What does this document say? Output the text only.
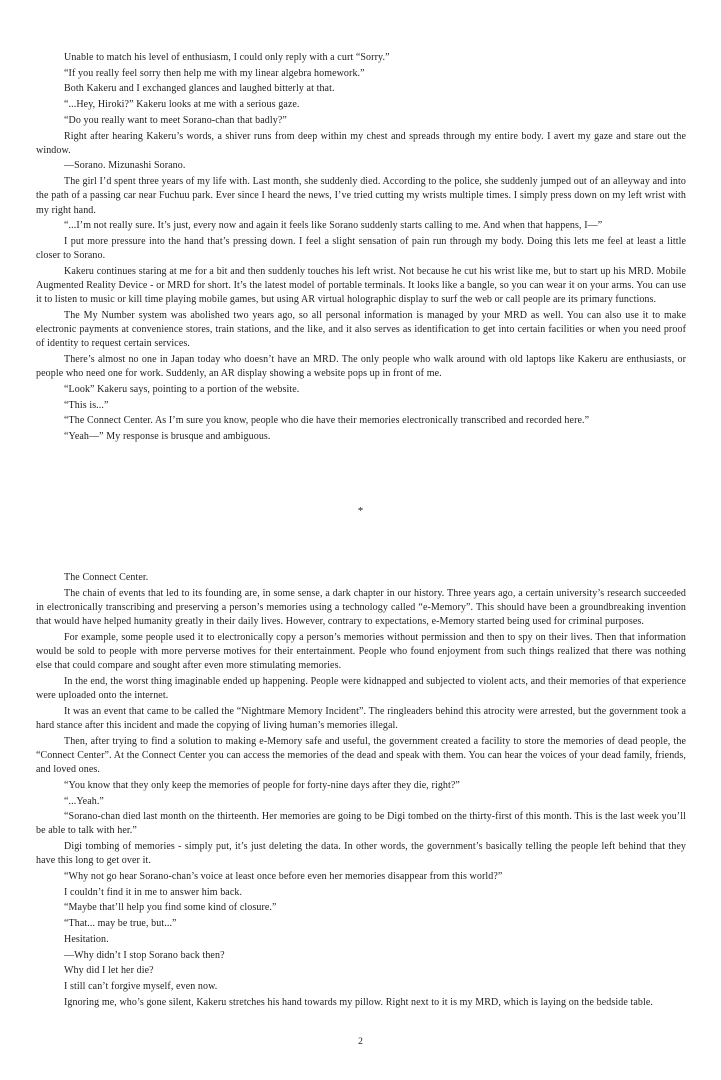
Unable to match his level of enthusiasm, I could only reply with a curt “Sorry.”

“If you really feel sorry then help me with my linear algebra homework.”

Both Kakeru and I exchanged glances and laughed bitterly at that.

“...Hey, Hiroki?” Kakeru looks at me with a serious gaze.

“Do you really want to meet Sorano-chan that badly?”

Right after hearing Kakeru’s words, a shiver runs from deep within my chest and spreads through my entire body. I avert my gaze and stare out the window.

—Sorano. Mizunashi Sorano.

The girl I’d spent three years of my life with. Last month, she suddenly died. According to the police, she suddenly jumped out of an alleyway and into the path of a passing car near Fuchuu park. Ever since I heard the news, I’ve tried cutting my wrists multiple times. I simply press down on my left wrist with my right hand.

“...I’m not really sure. It’s just, every now and again it feels like Sorano suddenly starts calling to me. And when that happens, I—”

I put more pressure into the hand that’s pressing down. I feel a slight sensation of pain run through my body. Doing this lets me feel at least a little closer to Sorano.

Kakeru continues staring at me for a bit and then suddenly touches his left wrist. Not because he cut his wrist like me, but to start up his MRD. Mobile Augmented Reality Device - or MRD for short. It’s the latest model of portable terminals. It looks like a bangle, so you can wear it on your arms. You can use it to listen to music or kill time playing mobile games, but using AR virtual holographic display to surf the web or call people are its primary functions.

The My Number system was abolished two years ago, so all personal information is managed by your MRD as well. You can also use it to make electronic payments at convenience stores, train stations, and the like, and it also serves as identification to get into certain facilities or when you need proof of identity to request certain services.

There’s almost no one in Japan today who doesn’t have an MRD. The only people who walk around with old laptops like Kakeru are enthusiasts, or people who need one for work. Suddenly, an AR display showing a website pops up in front of me.

“Look” Kakeru says, pointing to a portion of the website.

“This is...”

“The Connect Center. As I’m sure you know, people who die have their memories electronically transcribed and recorded here.”

“Yeah—” My response is brusque and ambiguous.

*

The Connect Center.

The chain of events that led to its founding are, in some sense, a dark chapter in our history. Three years ago, a certain university’s research succeeded in electronically transcribing and preserving a person’s memories using a technology called “e-Memory”. This should have been a groundbreaking invention that would have helped humanity greatly in their daily lives. However, contrary to expectations, e-Memory started being used for criminal purposes.

For example, some people used it to electronically copy a person’s memories without permission and then to spy on their lives. Then that information would be sold to people with more perverse motives for their entertainment. People who found enjoyment from such things realized that there was nothing else that could compare and sought after even more stimulating memories.

In the end, the worst thing imaginable ended up happening. People were kidnapped and subjected to violent acts, and their memories of that experience were uploaded onto the internet.

It was an event that came to be called the “Nightmare Memory Incident”. The ringleaders behind this atrocity were arrested, but the government took a hard stance after this incident and made the copying of living human’s memories illegal.

Then, after trying to find a solution to making e-Memory safe and useful, the government created a facility to store the memories of dead people, the “Connect Center”. At the Connect Center you can access the memories of the dead and speak with them. You can hear the voices of your dead family, friends, and loved ones.

“You know that they only keep the memories of people for forty-nine days after they die, right?”

“...Yeah.”

“Sorano-chan died last month on the thirteenth. Her memories are going to be Digi tombed on the thirty-first of this month. This is the last week you’ll be able to talk with her.”

Digi tombing of memories - simply put, it’s just deleting the data. In other words, the government’s basically telling the people left behind that they have this long to get over it.

“Why not go hear Sorano-chan’s voice at least once before even her memories disappear from this world?”

I couldn’t find it in me to answer him back.

“Maybe that’ll help you find some kind of closure.”

“That... may be true, but...”

Hesitation.

—Why didn’t I stop Sorano back then?

Why did I let her die?

I still can’t forgive myself, even now.

Ignoring me, who’s gone silent, Kakeru stretches his hand towards my pillow. Right next to it is my MRD, which is laying on the bedside table.

2
